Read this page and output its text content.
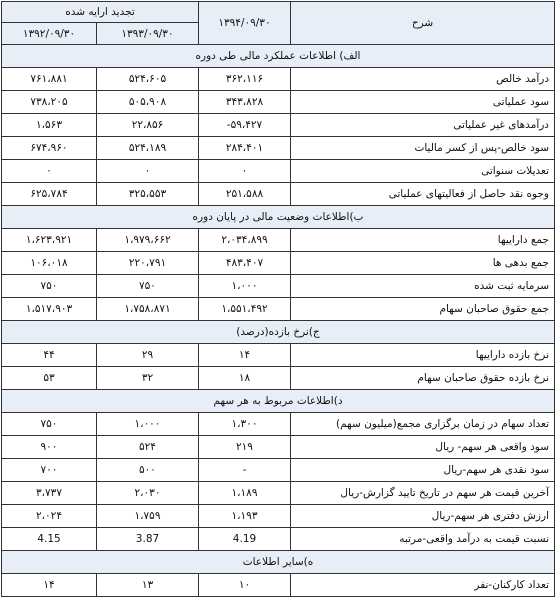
تجدید ارایه شده		۱۳۹۴/۰۹/۳۰	شرح
۱۳۹۲/۰۹/۳۰	۱۳۹۳/۰۹/۳۰		
الف) اطلاعات عملکرد مالی طی دوره			
۷۶۱،۸۸۱	۵۲۴،۶۰۵	۳۶۲،۱۱۶	درآمد خالص
۷۳۸،۲۰۵	۵۰۵،۹۰۸	۳۴۳،۸۲۸	سود عملیاتی
۱،۵۶۳	۲۲،۸۵۶	-۵۹،۴۲۷	درآمدهای غیر عملیاتی
۶۷۴،۹۶۰	۵۲۴،۱۸۹	۲۸۴،۴۰۱	سود خالص-پس از کسر مالیات
۰	۰	۰	تعدیلات سنواتی
۶۲۵،۷۸۴	۳۲۵،۵۵۳	۲۵۱،۵۸۸	وجوه نقد حاصل از فعالیتهای عملیاتی
ب)اطلاعات وضعیت مالی در پایان دوره			
۱،۶۲۳،۹۲۱	۱،۹۷۹،۶۶۲	۲،۰۳۴،۸۹۹	جمع داراییها
۱۰۶،۰۱۸	۲۲۰،۷۹۱	۴۸۳،۴۰۷	جمع بدهی ها
۷۵۰	۷۵۰	۱،۰۰۰	سرمایه ثبت شده
۱،۵۱۷،۹۰۳	۱،۷۵۸،۸۷۱	۱،۵۵۱،۴۹۲	جمع حقوق صاحبان سهام
ج)نرخ بازده(درصد)			
۴۴	۲۹	۱۴	نرخ بازده داراییها
۵۳	۳۲	۱۸	نرخ بازده حقوق صاحبان سهام
د)اطلاعات مربوط به هر سهم			
۷۵۰	۱،۰۰۰	۱،۳۰۰	تعداد سهام در زمان برگزاری مجمع(میلیون سهم)
۹۰۰	۵۲۴	۲۱۹	سود واقعی هر سهم- ریال
۷۰۰	۵۰۰	-	سود نقدی هر سهم-ریال
۳،۷۳۷	۲،۰۳۰	۱،۱۸۹	آخرین قیمت هر سهم در تاریخ تایید گزارش-ریال
۲،۰۲۴	۱،۷۵۹	۱،۱۹۳	ارزش دفتری هر سهم-ریال
4.15	3.87	4.19	نسبت قیمت به درآمد واقعی-مرتبه
ه)سایر اطلاعات			
۱۴	۱۳	۱۰	تعداد کارکنان-نفر
